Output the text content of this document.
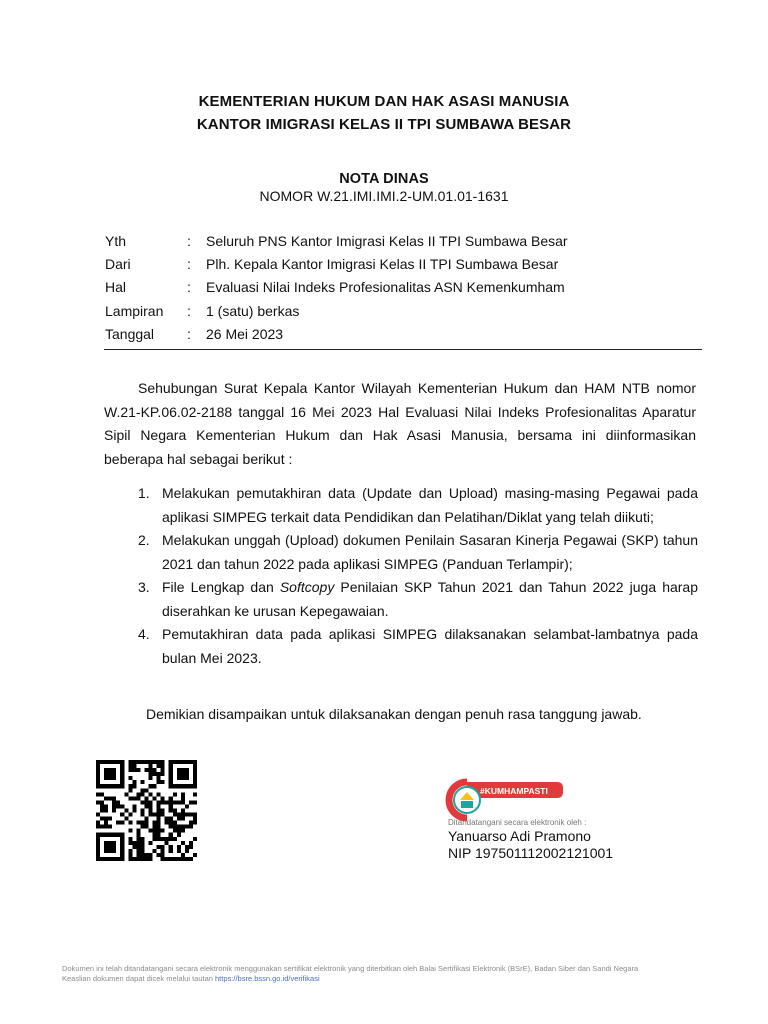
KEMENTERIAN HUKUM DAN HAK ASASI MANUSIA
KANTOR IMIGRASI KELAS II TPI SUMBAWA BESAR
NOTA DINAS
NOMOR W.21.IMI.IMI.2-UM.01.01-1631
Yth	:	Seluruh PNS Kantor Imigrasi Kelas II TPI Sumbawa Besar
Dari	:	Plh. Kepala Kantor Imigrasi Kelas II TPI Sumbawa Besar
Hal	:	Evaluasi Nilai Indeks Profesionalitas ASN Kemenkumham
Lampiran	:	1 (satu) berkas
Tanggal	:	26 Mei 2023
Sehubungan Surat Kepala Kantor Wilayah Kementerian Hukum dan HAM NTB nomor W.21-KP.06.02-2188 tanggal 16 Mei 2023 Hal Evaluasi Nilai Indeks Profesionalitas Aparatur Sipil Negara Kementerian Hukum dan Hak Asasi Manusia, bersama ini diinformasikan beberapa hal sebagai berikut :
1. Melakukan pemutakhiran data (Update dan Upload) masing-masing Pegawai pada aplikasi SIMPEG terkait data Pendidikan dan Pelatihan/Diklat yang telah diikuti;
2. Melakukan unggah (Upload) dokumen Penilain Sasaran Kinerja Pegawai (SKP) tahun 2021 dan tahun 2022 pada aplikasi SIMPEG (Panduan Terlampir);
3. File Lengkap dan Softcopy Penilaian SKP Tahun 2021 dan Tahun 2022 juga harap diserahkan ke urusan Kepegawaian.
4. Pemutakhiran data pada aplikasi SIMPEG dilaksanakan selambat-lambatnya pada bulan Mei 2023.
Demikian disampaikan untuk dilaksanakan dengan penuh rasa tanggung jawab.
#KUMHAMPASTI
Ditandatangani secara elektronik oleh :
Yanuarso Adi Pramono
NIP 197501112002121001
Dokumen ini telah ditandatangani secara elektronik menggunakan sertifikat elektronik yang diterbitkan oleh Balai Sertifikasi Elektronik (BSrE), Badan Siber dan Sandi Negara
Keaslian dokumen dapat dicek melalui tautan https://bsre.bssn.go.id/verifikasi
